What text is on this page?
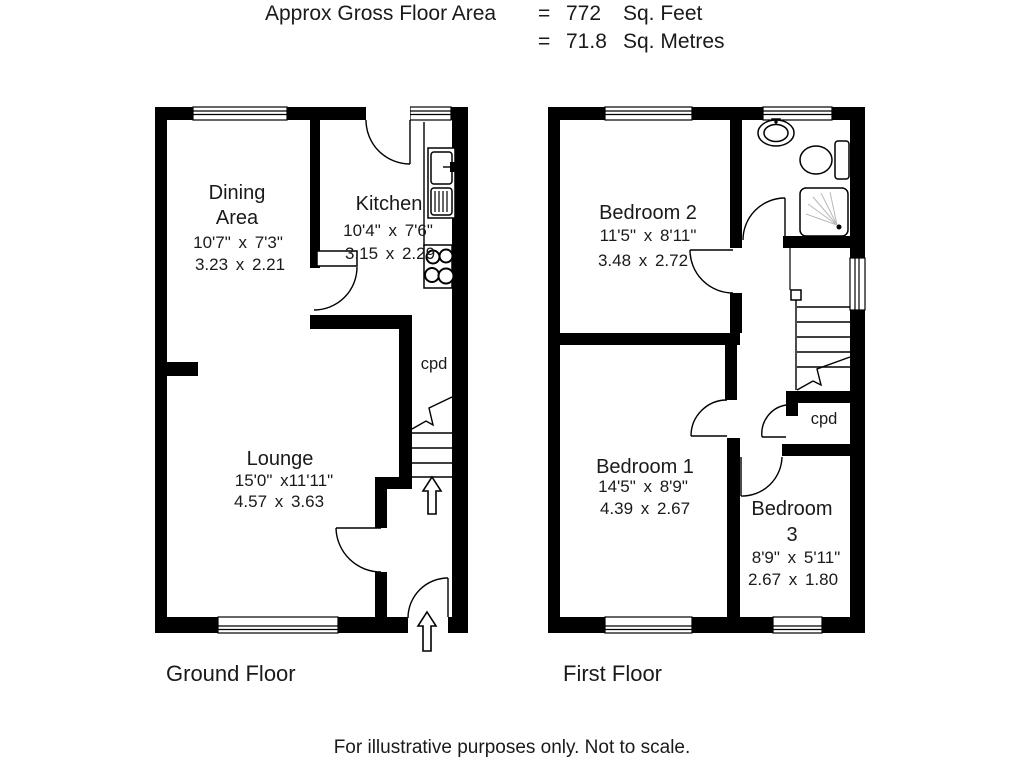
Approx Gross Floor Area = 772 Sq. Feet
= 71.8 Sq. Metres
Dining
Area
10'7" x 7'3"
3.23 x 2.21
Kitchen
10'4" x 7'6"
3.15 x 2.29
Lounge
15'0" x11'11"
4.57 x 3.63
cpd
Bedroom 2
11'5" x 8'11"
3.48 x 2.72
Bedroom 1
14'5" x 8'9"
4.39 x 2.67	Bedroom
3
8'9" x 5'11"
2.67 x 1.80
cpd
Ground Floor	First Floor
For illustrative purposes only. Not to scale.
